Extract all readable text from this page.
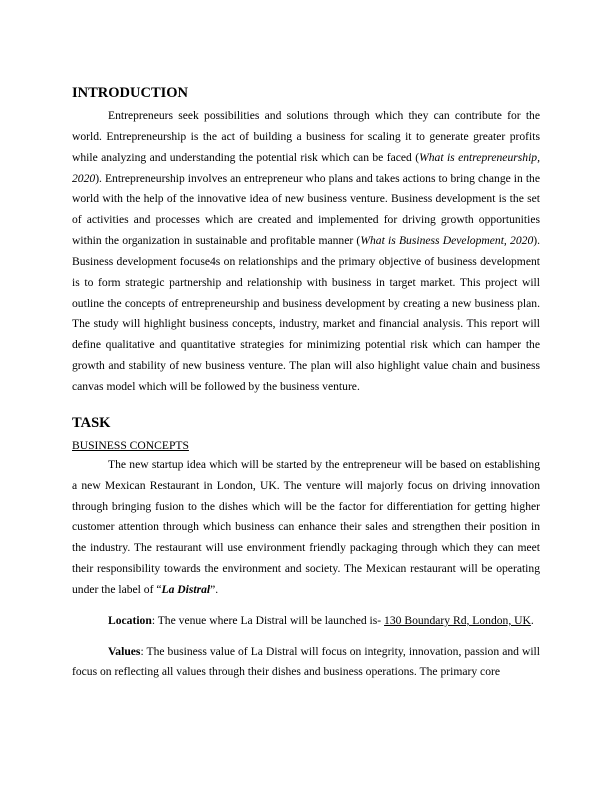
INTRODUCTION

Entrepreneurs seek possibilities and solutions through which they can contribute for the world. Entrepreneurship is the act of building a business for scaling it to generate greater profits while analyzing and understanding the potential risk which can be faced (What is entrepreneurship, 2020). Entrepreneurship involves an entrepreneur who plans and takes actions to bring change in the world with the help of the innovative idea of new business venture. Business development is the set of activities and processes which are created and implemented for driving growth opportunities within the organization in sustainable and profitable manner (What is Business Development, 2020). Business development focuse4s on relationships and the primary objective of business development is to form strategic partnership and relationship with business in target market. This project will outline the concepts of entrepreneurship and business development by creating a new business plan. The study will highlight business concepts, industry, market and financial analysis. This report will define qualitative and quantitative strategies for minimizing potential risk which can hamper the growth and stability of new business venture. The plan will also highlight value chain and business canvas model which will be followed by the business venture.

TASK

BUSINESS CONCEPTS

The new startup idea which will be started by the entrepreneur will be based on establishing a new Mexican Restaurant in London, UK. The venture will majorly focus on driving innovation through bringing fusion to the dishes which will be the factor for differentiation for getting higher customer attention through which business can enhance their sales and strengthen their position in the industry. The restaurant will use environment friendly packaging through which they can meet their responsibility towards the environment and society. The Mexican restaurant will be operating under the label of “La Distral”.

Location: The venue where La Distral will be launched is- 130 Boundary Rd, London, UK.

Values: The business value of La Distral will focus on integrity, innovation, passion and will focus on reflecting all values through their dishes and business operations. The primary core
